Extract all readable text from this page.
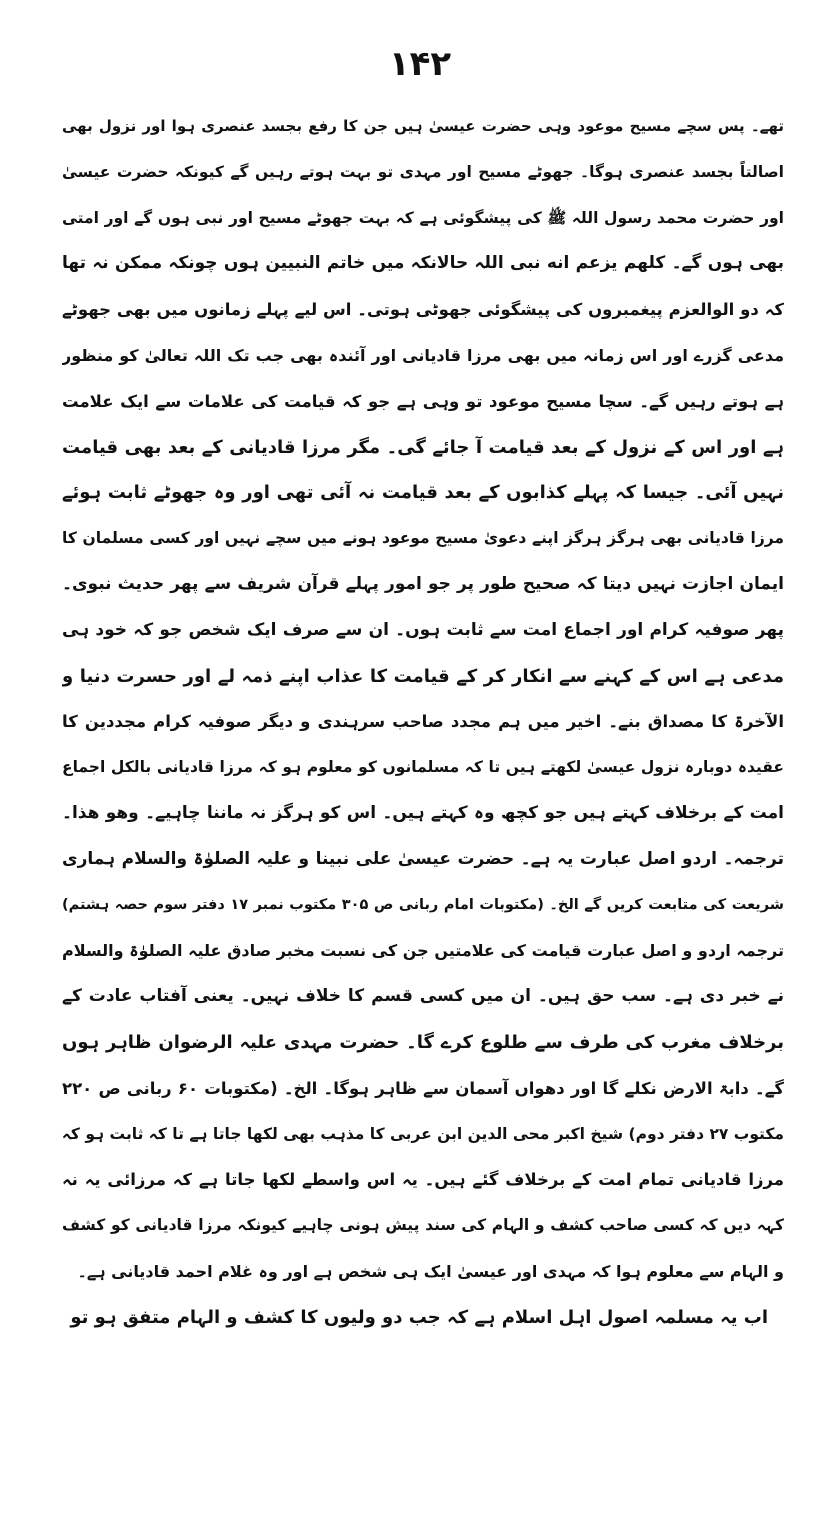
۱۴۲
تھے۔ پس سچے مسیح موعود وہی حضرت عیسیٰ ہیں جن کا رفع بجسد عنصری ہوا اور نزول بھی
اصالتاً بجسد عنصری ہوگا۔ جھوٹے مسیح اور مہدی تو بہت ہوتے رہیں گے کیونکہ حضرت عیسیٰ
اور حضرت محمد رسول اللہ ﷺ کی پیشگوئی ہے کہ بہت جھوٹے مسیح اور نبی ہوں گے اور امتی
بھی ہوں گے۔ کلھم یزعم انه نبی اللہ حالانکہ میں خاتم النبیین ہوں چونکہ ممکن نہ تھا
کہ دو الوالعزم پیغمبروں کی پیشگوئی جھوٹی ہوتی۔ اس لیے پہلے زمانوں میں بھی جھوٹے
مدعی گزرے اور اس زمانہ میں بھی مرزا قادیانی اور آئندہ بھی جب تک اللہ تعالیٰ کو منظور
ہے ہوتے رہیں گے۔ سچا مسیح موعود تو وہی ہے جو کہ قیامت کی علامات سے ایک علامت
ہے اور اس کے نزول کے بعد قیامت آ جائے گی۔ مگر مرزا قادیانی کے بعد بھی قیامت
نہیں آئی۔ جیسا کہ پہلے کذابوں کے بعد قیامت نہ آئی تھی اور وہ جھوٹے ثابت ہوئے
مرزا قادیانی بھی ہرگز ہرگز اپنے دعویٰ مسیح موعود ہونے میں سچے نہیں اور کسی مسلمان کا
ایمان اجازت نہیں دیتا کہ صحیح طور پر جو امور پہلے قرآن شریف سے پھر حدیث نبوی۔
پھر صوفیہ کرام اور اجماع امت سے ثابت ہوں۔ ان سے صرف ایک شخص جو کہ خود ہی
مدعی ہے اس کے کہنے سے انکار کر کے قیامت کا عذاب اپنے ذمہ لے اور حسرت دنیا و
الآخرۃ کا مصداق بنے۔ اخیر میں ہم مجدد صاحب سرہندی و دیگر صوفیہ کرام مجددین کا
عقیدہ دوبارہ نزول عیسیٰ لکھتے ہیں تا کہ مسلمانوں کو معلوم ہو کہ مرزا قادیانی بالکل اجماع
امت کے برخلاف کہتے ہیں جو کچھ وہ کہتے ہیں۔ اس کو ہرگز نہ ماننا چاہیے۔ وھو ھذا۔
ترجمہ۔ اردو اصل عبارت یہ ہے۔ حضرت عیسیٰ علی نبینا و علیہ الصلوٰۃ والسلام ہماری
شریعت کی متابعت کریں گے الخ۔ (مکتوبات امام ربانی ص ۳۰۵ مکتوب نمبر ۱۷ دفتر سوم حصہ ہشتم)
ترجمہ اردو و اصل عبارت قیامت کی علامتیں جن کی نسبت مخبر صادق علیہ الصلوٰۃ والسلام
نے خبر دی ہے۔ سب حق ہیں۔ ان میں کسی قسم کا خلاف نہیں۔ یعنی آفتاب عادت کے
برخلاف مغرب کی طرف سے طلوع کرے گا۔ حضرت مہدی علیہ الرضوان ظاہر ہوں
گے۔ دابۃ الارض نکلے گا اور دھواں آسمان سے ظاہر ہوگا۔ الخ۔ (مکتوبات ۶۰ ربانی ص ۲۲۰
مکتوب ۲۷ دفتر دوم) شیخ اکبر محی الدین ابن عربی کا مذہب بھی لکھا جاتا ہے تا کہ ثابت ہو کہ
مرزا قادیانی تمام امت کے برخلاف گئے ہیں۔ یہ اس واسطے لکھا جاتا ہے کہ مرزائی یہ نہ
کہہ دیں کہ کسی صاحب کشف و الہام کی سند پیش ہونی چاہیے کیونکہ مرزا قادیانی کو کشف
و الہام سے معلوم ہوا کہ مہدی اور عیسیٰ ایک ہی شخص ہے اور وہ غلام احمد قادیانی ہے۔
اب یہ مسلمہ اصول اہل اسلام ہے کہ جب دو ولیوں کا کشف و الہام متفق ہو تو
